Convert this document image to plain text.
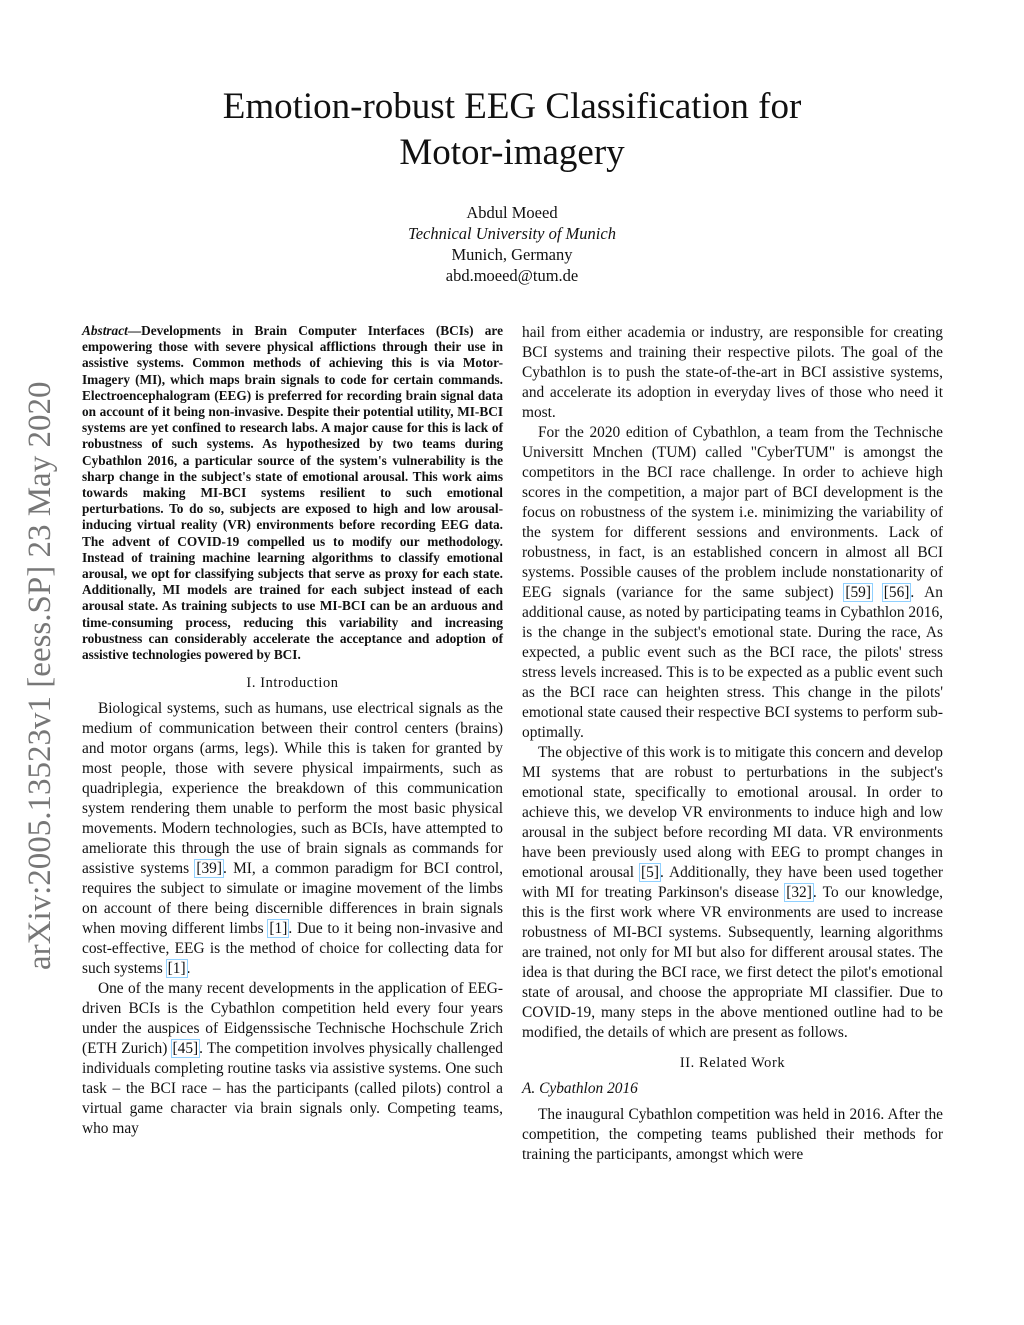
Emotion-robust EEG Classification for
Motor-imagery
Abdul Moeed
Technical University of Munich
Munich, Germany
abd.moeed@tum.de
arXiv:2005.13523v1 [eess.SP] 23 May 2020

Abstract—Developments in Brain Computer Interfaces (BCIs) are empowering those with severe physical afflictions through their use in assistive systems. Common methods of achieving this is via Motor-Imagery (MI), which maps brain signals to code for certain commands. Electroencephalogram (EEG) is preferred for recording brain signal data on account of it being non-invasive. Despite their potential utility, MI-BCI systems are yet confined to research labs. A major cause for this is lack of robustness of such systems. As hypothesized by two teams during Cybathlon 2016, a particular source of the system's vulnerability is the sharp change in the subject's state of emotional arousal. This work aims towards making MI-BCI systems resilient to such emotional perturbations. To do so, subjects are exposed to high and low arousal-inducing virtual reality (VR) environments before recording EEG data. The advent of COVID-19 compelled us to modify our methodology. Instead of training machine learning algorithms to classify emotional arousal, we opt for classifying subjects that serve as proxy for each state. Additionally, MI models are trained for each subject instead of each arousal state. As training subjects to use MI-BCI can be an arduous and time-consuming process, reducing this variability and increasing robustness can considerably accelerate the acceptance and adoption of assistive technologies powered by BCI.

I. Introduction

Biological systems, such as humans, use electrical signals as the medium of communication between their control centers (brains) and motor organs (arms, legs). While this is taken for granted by most people, those with severe physical impairments, such as quadriplegia, experience the breakdown of this communication system rendering them unable to perform the most basic physical movements. Modern technologies, such as BCIs, have attempted to ameliorate this through the use of brain signals as commands for assistive systems [39]. MI, a common paradigm for BCI control, requires the subject to simulate or imagine movement of the limbs on account of there being discernible differences in brain signals when moving different limbs [1]. Due to it being non-invasive and cost-effective, EEG is the method of choice for collecting data for such systems [1].

One of the many recent developments in the application of EEG-driven BCIs is the Cybathlon competition held every four years under the auspices of Eidgenssische Technische Hochschule Zrich (ETH Zurich) [45]. The competition involves physically challenged individuals completing routine tasks via assistive systems. One such task – the BCI race – has the participants (called pilots) control a virtual game character via brain signals only. Competing teams, who may

hail from either academia or industry, are responsible for creating BCI systems and training their respective pilots. The goal of the Cybathlon is to push the state-of-the-art in BCI assistive systems, and accelerate its adoption in everyday lives of those who need it most.

For the 2020 edition of Cybathlon, a team from the Technische Universitt Mnchen (TUM) called "CyberTUM" is amongst the competitors in the BCI race challenge. In order to achieve high scores in the competition, a major part of BCI development is the focus on robustness of the system i.e. minimizing the variability of the system for different sessions and environments. Lack of robustness, in fact, is an established concern in almost all BCI systems. Possible causes of the problem include nonstationarity of EEG signals (variance for the same subject) [59] [56]. An additional cause, as noted by participating teams in Cybathlon 2016, is the change in the subject's emotional state. During the race, As expected, a public event such as the BCI race, the pilots' stress stress levels increased. This is to be expected as a public event such as the BCI race can heighten stress. This change in the pilots' emotional state caused their respective BCI systems to perform sub-optimally.

The objective of this work is to mitigate this concern and develop MI systems that are robust to perturbations in the subject's emotional state, specifically to emotional arousal. In order to achieve this, we develop VR environments to induce high and low arousal in the subject before recording MI data. VR environments have been previously used along with EEG to prompt changes in emotional arousal [5]. Additionally, they have been used together with MI for treating Parkinson's disease [32]. To our knowledge, this is the first work where VR environments are used to increase robustness of MI-BCI systems. Subsequently, learning algorithms are trained, not only for MI but also for different arousal states. The idea is that during the BCI race, we first detect the pilot's emotional state of arousal, and choose the appropriate MI classifier. Due to COVID-19, many steps in the above mentioned outline had to be modified, the details of which are present as follows.

II. Related Work
A. Cybathlon 2016

The inaugural Cybathlon competition was held in 2016. After the competition, the competing teams published their methods for training the participants, amongst which were
